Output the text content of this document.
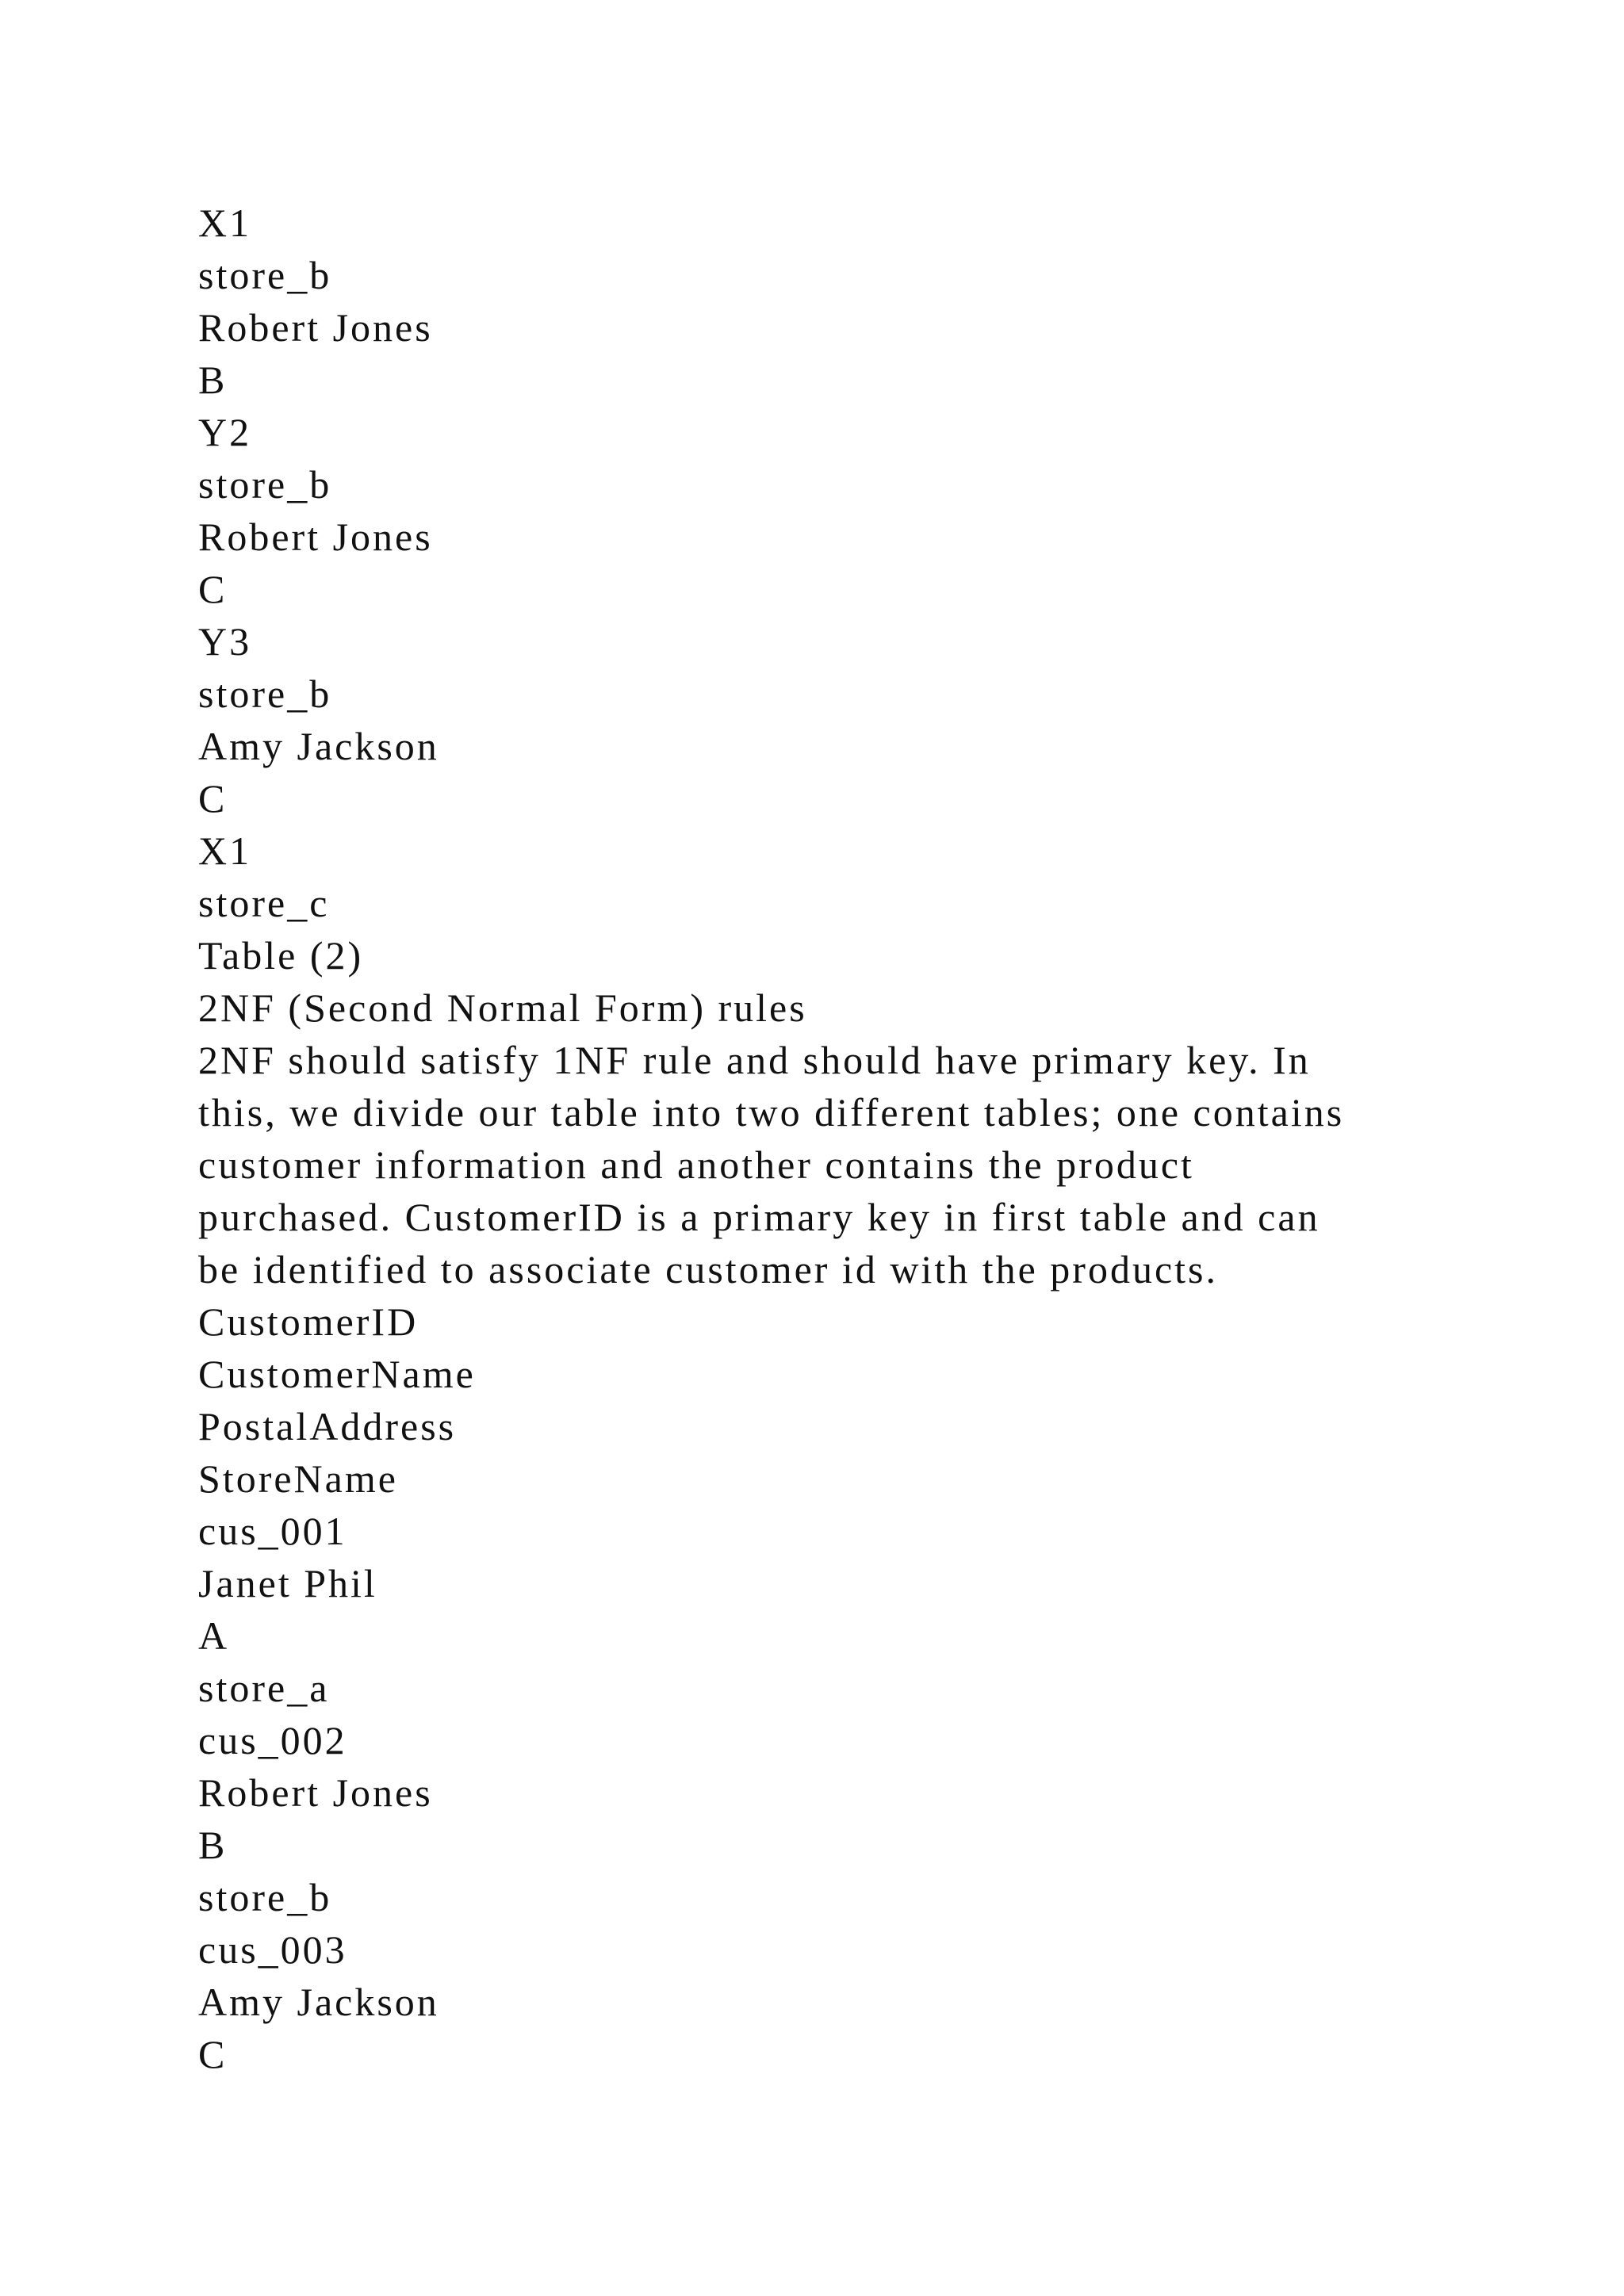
X1
store_b
Robert Jones
B
Y2
store_b
Robert Jones
C
Y3
store_b
Amy Jackson
C
X1
store_c
Table (2)
2NF (Second Normal Form) rules
2NF should satisfy 1NF rule and should have primary key. In
this, we divide our table into two different tables; one contains
customer information and another contains the product
purchased. CustomerID is a primary key in first table and can
be identified to associate customer id with the products.
CustomerID
CustomerName
PostalAddress
StoreName
cus_001
Janet Phil
A
store_a
cus_002
Robert Jones
B
store_b
cus_003
Amy Jackson
C
